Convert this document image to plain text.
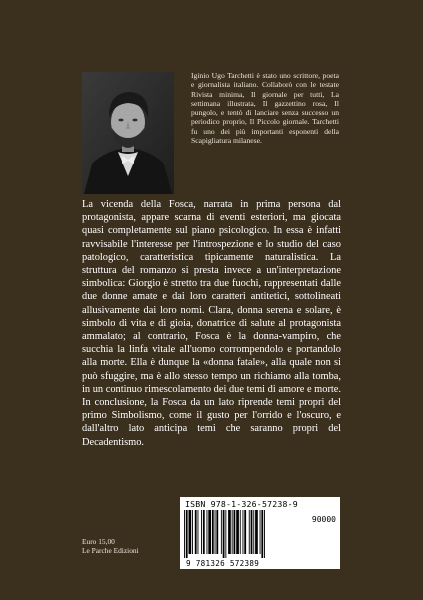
Iginio Ugo Tarchetti è stato uno scrittore, poeta e giornalista italiano. Collaborò con le testate Rivista minima, Il giornale per tutti, La settimana illustrata, Il gazzettino rosa, Il pungolo, e tentò di lanciare senza successo un periodico proprio, Il Piccolo giornale. Tarchetti fu uno dei più importanti esponenti della Scapigliatura milanese.

La vicenda della Fosca, narrata in prima persona dal protagonista, appare scarna di eventi esteriori, ma giocata quasi completamente sul piano psicologico. In essa è infatti ravvisabile l'interesse per l'introspezione e lo studio del caso patologico, caratteristica tipicamente naturalistica. La struttura del romanzo si presta invece a un'interpretazione simbolica: Giorgio è stretto tra due fuochi, rappresentati dalle due donne amate e dai loro caratteri antitetici, sottolineati allusivamente dai loro nomi. Clara, donna serena e solare, è simbolo di vita e di gioia, donatrice di salute al protagonista ammalato; al contrario, Fosca è la donna-vampiro, che succhia la linfa vitale all'uomo corrompendolo e portandolo alla morte. Ella è dunque la «donna fatale», alla quale non si può sfuggire, ma è allo stesso tempo un richiamo alla tomba, in un continuo rimescolamento dei due temi di amore e morte. In conclusione, la Fosca da un lato riprende temi propri del primo Simbolismo, come il gusto per l'orrido e l'oscuro, e dall'altro lato anticipa temi che saranno propri del Decadentismo.

ISBN 978-1-326-57238-9
90000
9 781326 572389
Euro 15,00
Le Parche Edizioni
